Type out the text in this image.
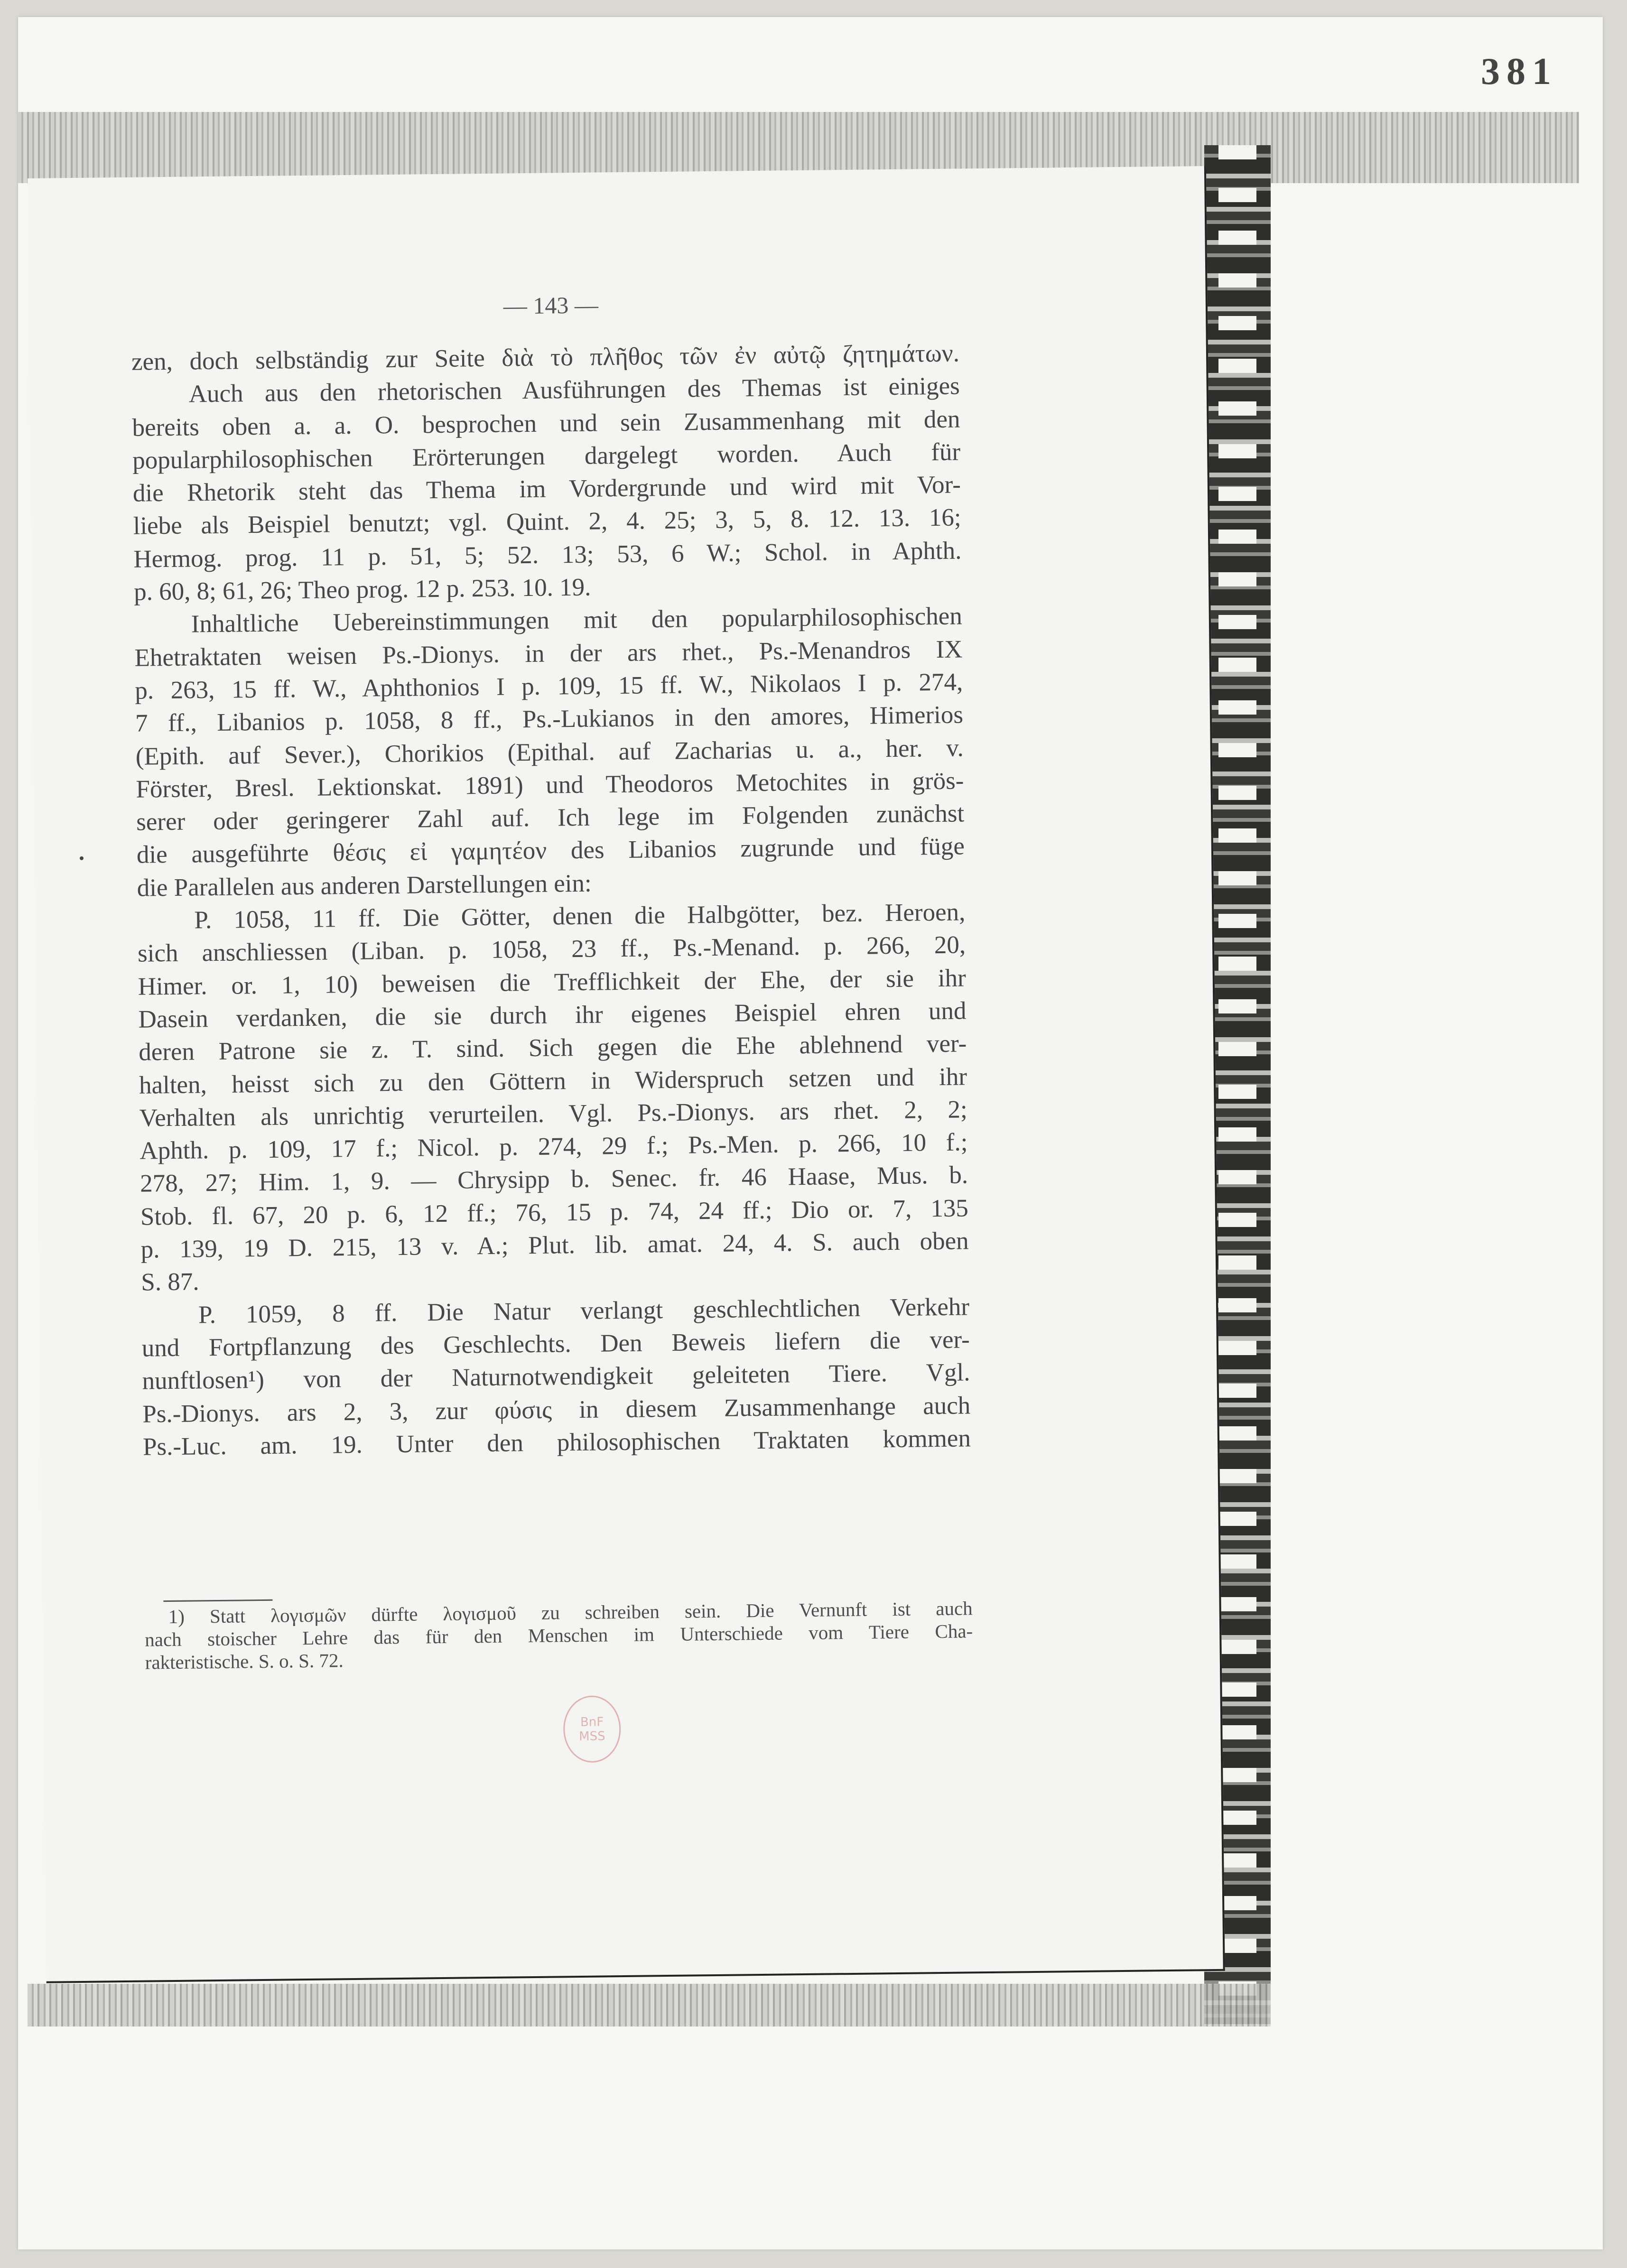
381
— 143 —
zen, doch selbständig zur Seite διὰ τὸ πλῆθος τῶν ἐν αὐτῷ ζητημάτων.
Auch aus den rhetorischen Ausführungen des Themas ist einiges
bereits oben a. a. O. besprochen und sein Zusammenhang mit den
popularphilosophischen Erörterungen dargelegt worden. Auch für
die Rhetorik steht das Thema im Vordergrunde und wird mit Vor-
liebe als Beispiel benutzt; vgl. Quint. 2, 4. 25; 3, 5, 8. 12. 13. 16;
Hermog. prog. 11 p. 51, 5; 52. 13; 53, 6 W.; Schol. in Aphth.
p. 60, 8; 61, 26; Theo prog. 12 p. 253. 10. 19.
Inhaltliche Uebereinstimmungen mit den popularphilosophischen
Ehetraktaten weisen Ps.-Dionys. in der ars rhet., Ps.-Menandros IX
p. 263, 15 ff. W., Aphthonios I p. 109, 15 ff. W., Nikolaos I p. 274,
7 ff., Libanios p. 1058, 8 ff., Ps.-Lukianos in den amores, Himerios
(Epith. auf Sever.), Chorikios (Epithal. auf Zacharias u. a., her. v.
Förster, Bresl. Lektionskat. 1891) und Theodoros Metochites in grös-
serer oder geringerer Zahl auf. Ich lege im Folgenden zunächst
die ausgeführte θέσις εἰ γαμητέον des Libanios zugrunde und füge
die Parallelen aus anderen Darstellungen ein:
P. 1058, 11 ff. Die Götter, denen die Halbgötter, bez. Heroen,
sich anschliessen (Liban. p. 1058, 23 ff., Ps.-Menand. p. 266, 20,
Himer. or. 1, 10) beweisen die Trefflichkeit der Ehe, der sie ihr
Dasein verdanken, die sie durch ihr eigenes Beispiel ehren und
deren Patrone sie z. T. sind. Sich gegen die Ehe ablehnend ver-
halten, heisst sich zu den Göttern in Widerspruch setzen und ihr
Verhalten als unrichtig verurteilen. Vgl. Ps.-Dionys. ars rhet. 2, 2;
Aphth. p. 109, 17 f.; Nicol. p. 274, 29 f.; Ps.-Men. p. 266, 10 f.;
278, 27; Him. 1, 9. — Chrysipp b. Senec. fr. 46 Haase, Mus. b.
Stob. fl. 67, 20 p. 6, 12 ff.; 76, 15 p. 74, 24 ff.; Dio or. 7, 135
p. 139, 19 D. 215, 13 v. A.; Plut. lib. amat. 24, 4. S. auch oben
S. 87.
P. 1059, 8 ff. Die Natur verlangt geschlechtlichen Verkehr
und Fortpflanzung des Geschlechts. Den Beweis liefern die ver-
nunftlosen¹) von der Naturnotwendigkeit geleiteten Tiere. Vgl.
Ps.-Dionys. ars 2, 3, zur φύσις in diesem Zusammenhange auch
Ps.-Luc. am. 19. Unter den philosophischen Traktaten kommen
1) Statt λογισμῶν dürfte λογισμοῦ zu schreiben sein. Die Vernunft ist auch
nach stoischer Lehre das für den Menschen im Unterschiede vom Tiere Cha-
rakteristische. S. o. S. 72.
BnF
MSS
